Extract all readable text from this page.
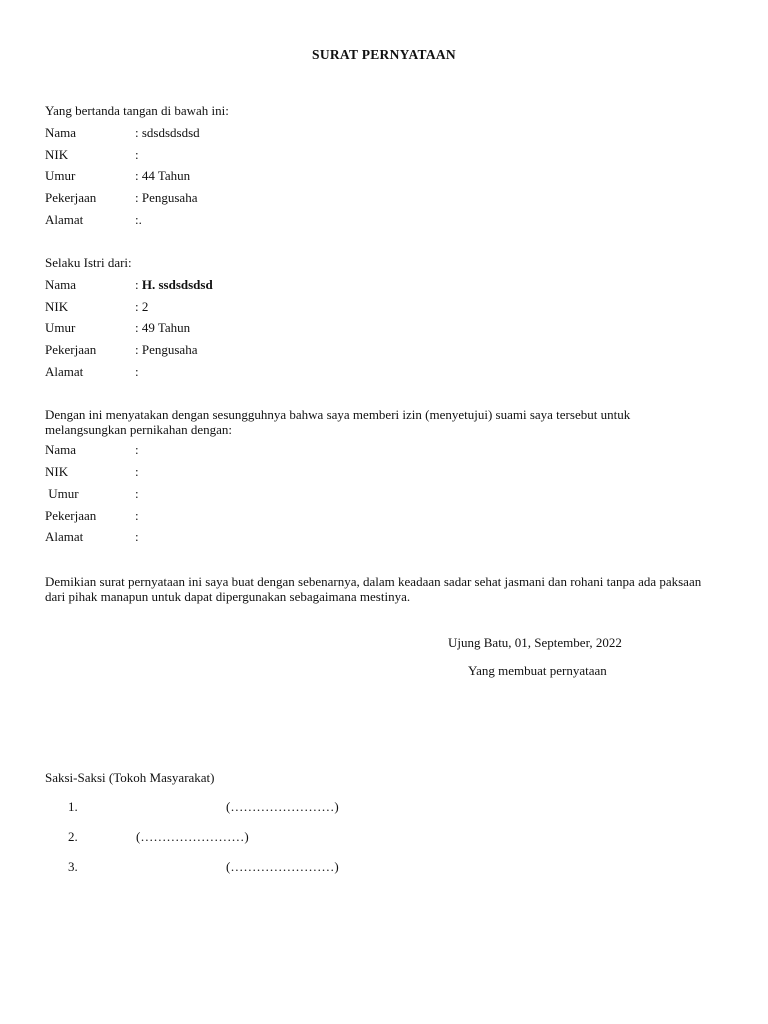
SURAT PERNYATAAN
Yang bertanda tangan di bawah ini:
Nama	: sdsdsdsdsd
NIK	:
Umur	: 44 Tahun
Pekerjaan	: Pengusaha
Alamat	:.
Selaku Istri dari:
Nama	: H. ssdsdsdsd
NIK	: 2
Umur	: 49 Tahun
Pekerjaan	: Pengusaha
Alamat	:
Dengan ini menyatakan dengan sesungguhnya bahwa saya memberi izin (menyetujui) suami saya tersebut untuk melangsungkan pernikahan dengan:
Nama	:
NIK	:
Umur	:
Pekerjaan	:
Alamat	:
Demikian surat pernyataan ini saya buat dengan sebenarnya, dalam keadaan sadar sehat jasmani dan rohani tanpa ada paksaan dari pihak manapun untuk dapat dipergunakan sebagaimana mestinya.
Ujung Batu, 01, September, 2022
Yang membuat pernyataan
Saksi-Saksi (Tokoh Masyarakat)
1.	(……………………)
2.	(……………………)
3.	(……………………)
